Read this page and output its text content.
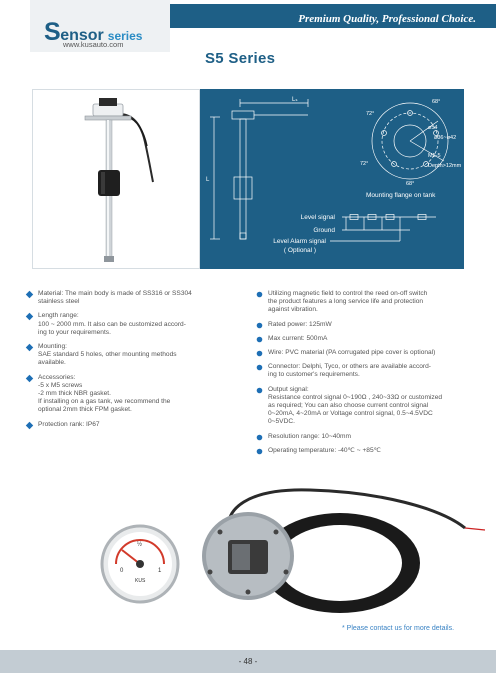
Sensor series
www.kusauto.com
Premium Quality, Professional Choice.
S5 Series
L
Lₛ
72°
68°
72°
68°
ø54
ø36~ø42
M5-5
Depth>12mm
Mounting flange on tank
Level signal
Ground
Level Alarm signal
( Optional )
Material: The main body is made of SS316 or SS304
stainless steel
Length range:
100 ~ 2000 mm. It also can be customized accord-
ing to your requirements.
Mounting:
SAE standard 5 holes, other mounting methods
available.
Accessories:
-5 x M5 screws
-2 mm thick NBR gasket.
If installing on a gas tank, we recommend the
optional 2mm thick FPM gasket.
Protection rank: IP67
Utilizing magnetic field to control the reed on-off switch
the product features a long service life and protection
against vibration.
Rated power: 125mW
Max current: 500mA
Wire: PVC material (PA corrugated pipe cover is optional)
Connector: Delphi, Tyco, or others are available accord-
ing to customer's requirements.
Output signal:
Resistance control signal 0~190Ω , 240~33Ω or customized
as required; You can also choose current control signal
0~20mA, 4~20mA or Voltage control signal, 0.5~4.5VDC
0~5VDC.
Resolution range: 10~40mm
Operating temperature: -40℃ ~ +85℃
0
½
1
KUS
* Please contact us for more details.
- 48 -
